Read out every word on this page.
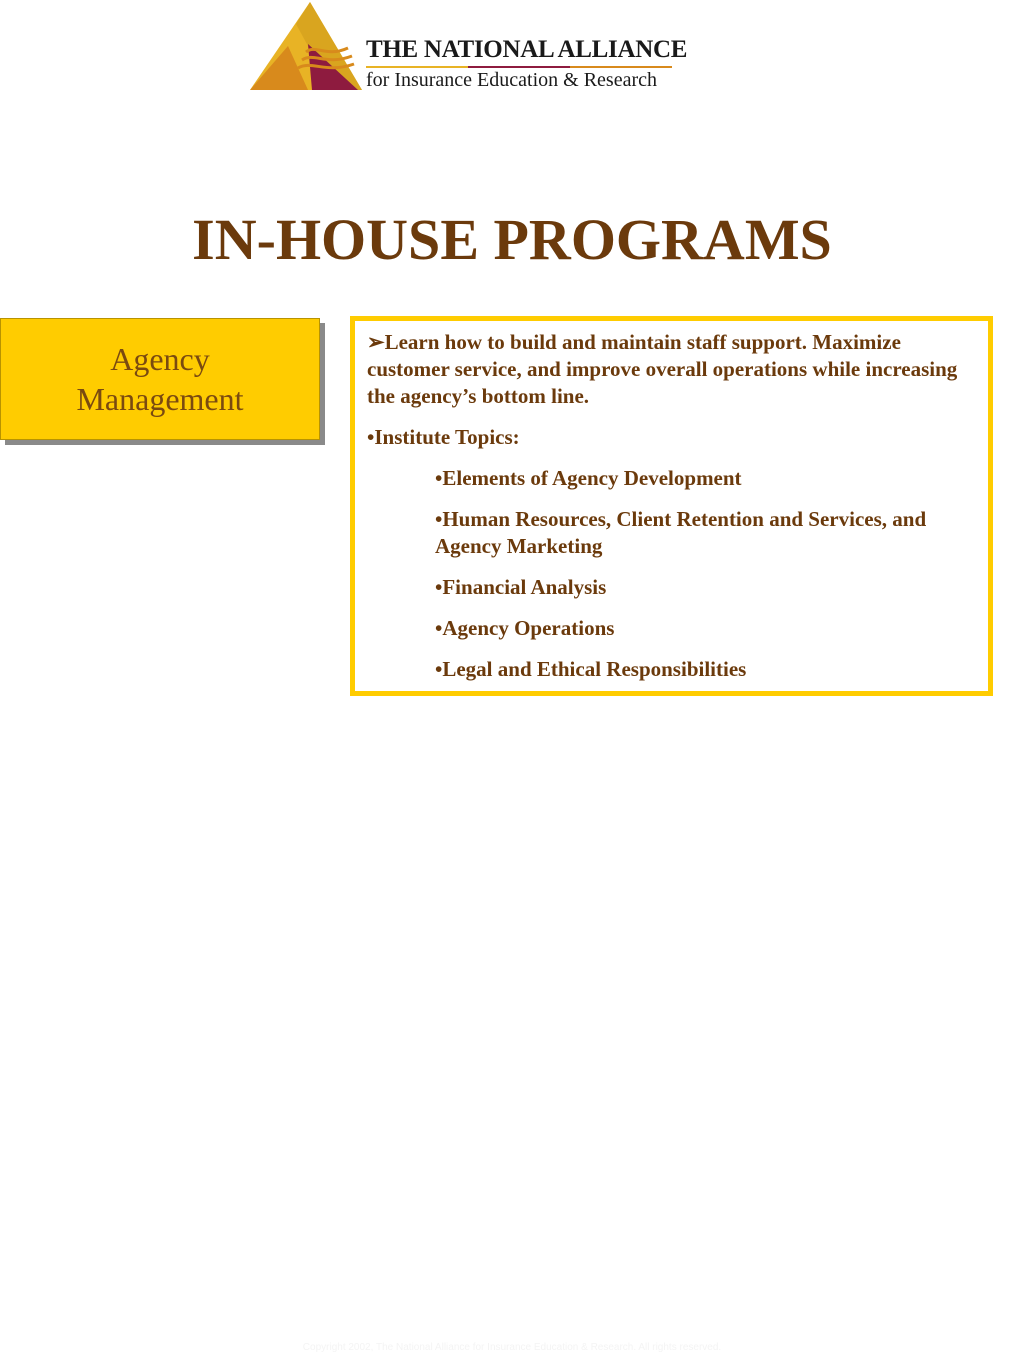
THE NATIONAL ALLIANCE
for Insurance Education & Research
IN-HOUSE PROGRAMS
Agency
Management

➢Learn how to build and maintain staff support. Maximize customer service, and improve overall operations while increasing the agency’s bottom line.

•Institute Topics:

•Elements of Agency Development
•Human Resources, Client Retention and Services, and Agency Marketing
•Financial Analysis
•Agency Operations
•Legal and Ethical Responsibilities
Copyright 2002, The National Alliance for Insurance Education & Research. All rights reserved.
